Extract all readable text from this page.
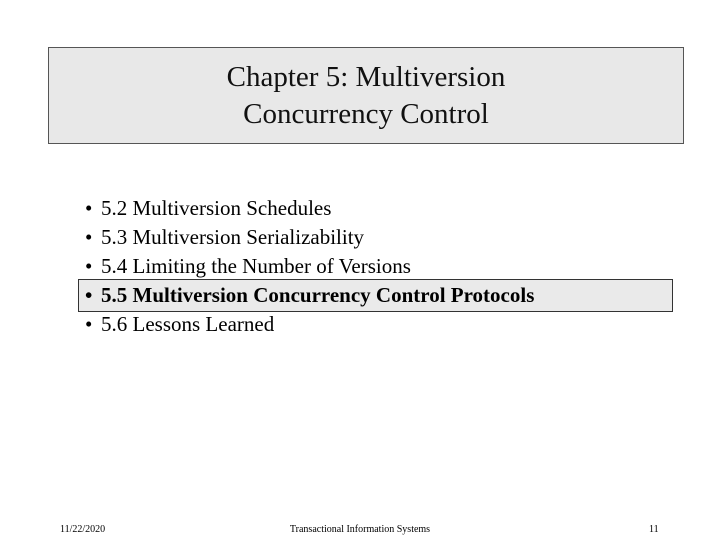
Chapter 5: Multiversion
Concurrency Control
• 5.2 Multiversion Schedules
• 5.3 Multiversion Serializability
• 5.4 Limiting the Number of Versions
• 5.5 Multiversion Concurrency Control Protocols
• 5.6 Lessons Learned
11/22/2020	Transactional Information Systems	11
